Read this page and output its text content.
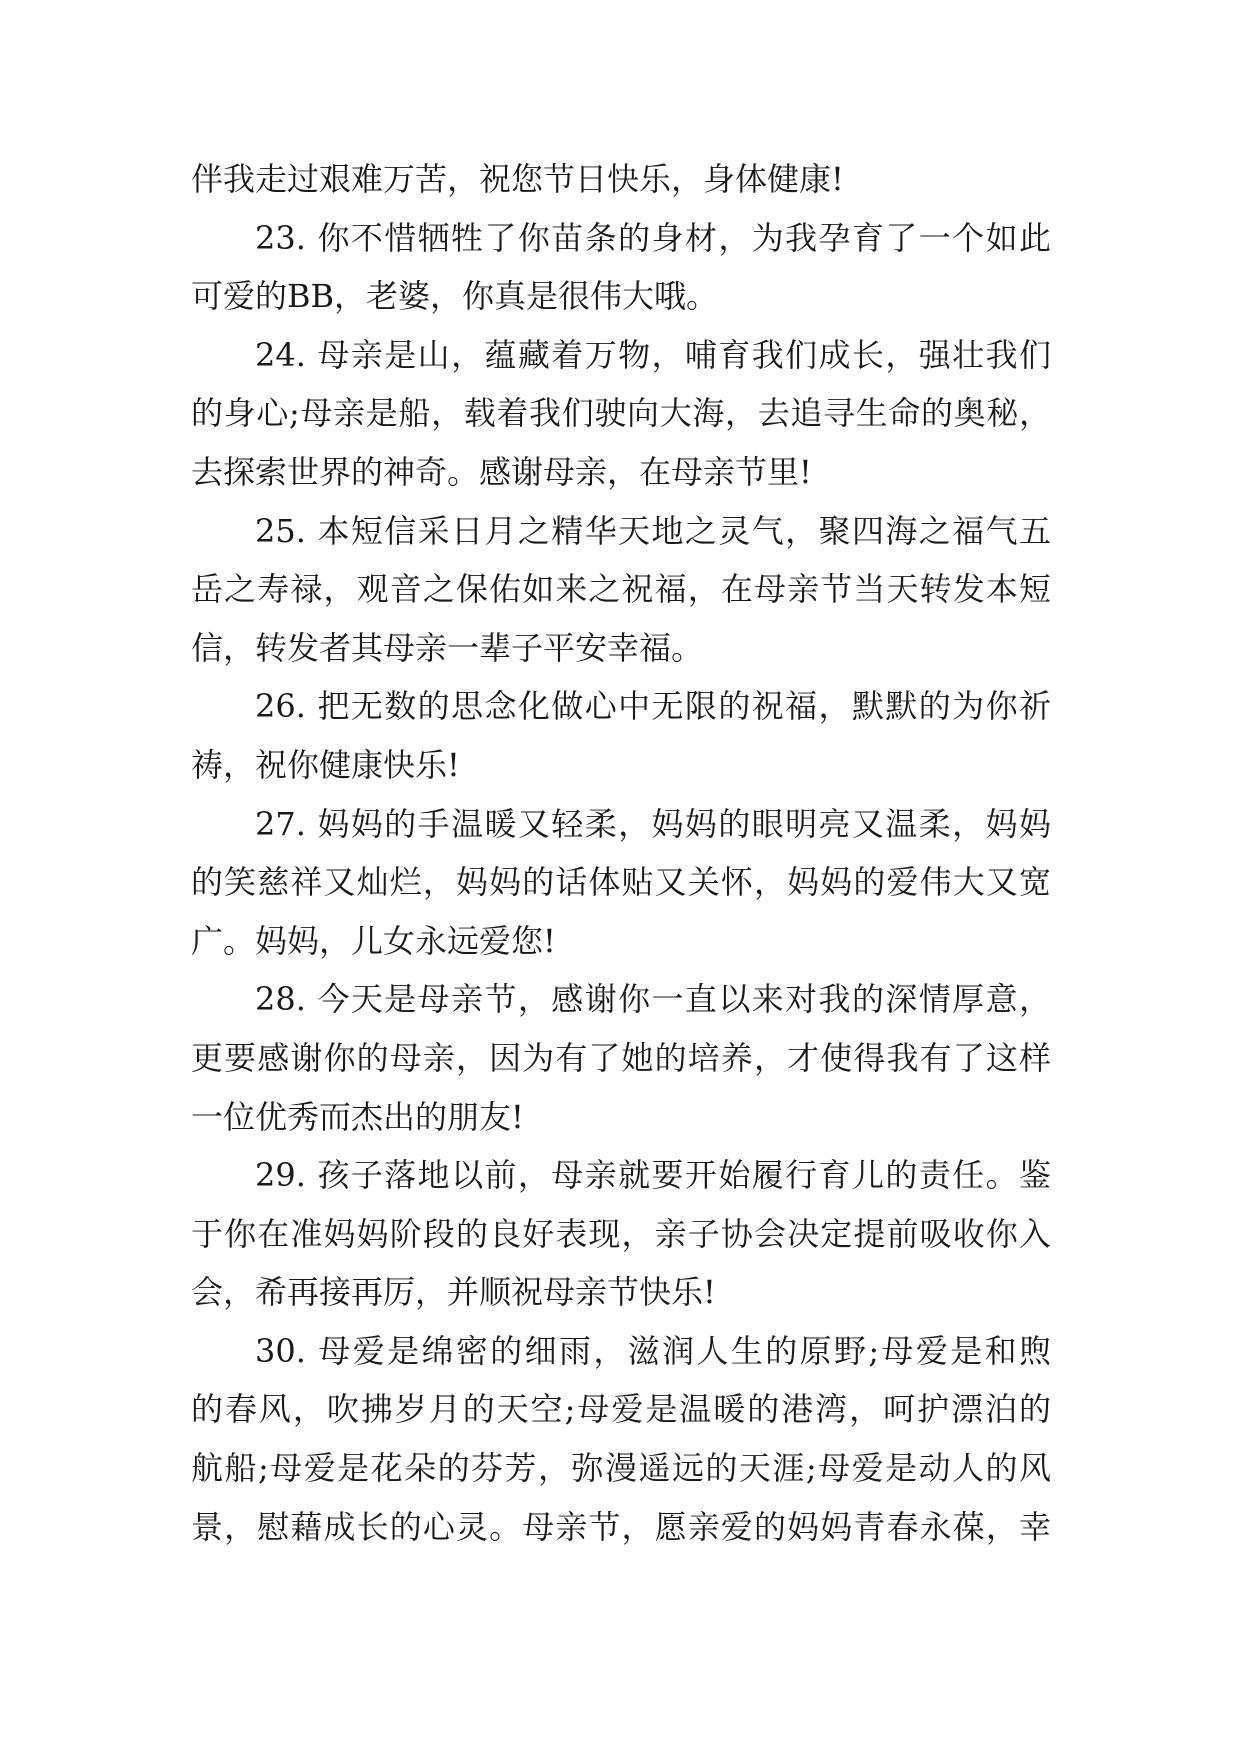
伴我走过艰难万苦，祝您节日快乐，身体健康!
23. 你不惜牺牲了你苗条的身材，为我孕育了一个如此
可爱的BB，老婆，你真是很伟大哦。
24. 母亲是山，蕴藏着万物，哺育我们成长，强壮我们
的身心;母亲是船，载着我们驶向大海，去追寻生命的奥秘，
去探索世界的神奇。感谢母亲，在母亲节里!
25. 本短信采日月之精华天地之灵气，聚四海之福气五
岳之寿禄，观音之保佑如来之祝福，在母亲节当天转发本短
信，转发者其母亲一辈子平安幸福。
26. 把无数的思念化做心中无限的祝福，默默的为你祈
祷，祝你健康快乐!
27. 妈妈的手温暖又轻柔，妈妈的眼明亮又温柔，妈妈
的笑慈祥又灿烂，妈妈的话体贴又关怀，妈妈的爱伟大又宽
广。妈妈，儿女永远爱您!
28. 今天是母亲节，感谢你一直以来对我的深情厚意，
更要感谢你的母亲，因为有了她的培养，才使得我有了这样
一位优秀而杰出的朋友!
29. 孩子落地以前，母亲就要开始履行育儿的责任。鉴
于你在准妈妈阶段的良好表现，亲子协会决定提前吸收你入
会，希再接再厉，并顺祝母亲节快乐!
30. 母爱是绵密的细雨，滋润人生的原野;母爱是和煦
的春风，吹拂岁月的天空;母爱是温暖的港湾，呵护漂泊的
航船;母爱是花朵的芬芳，弥漫遥远的天涯;母爱是动人的风
景，慰藉成长的心灵。母亲节，愿亲爱的妈妈青春永葆，幸
